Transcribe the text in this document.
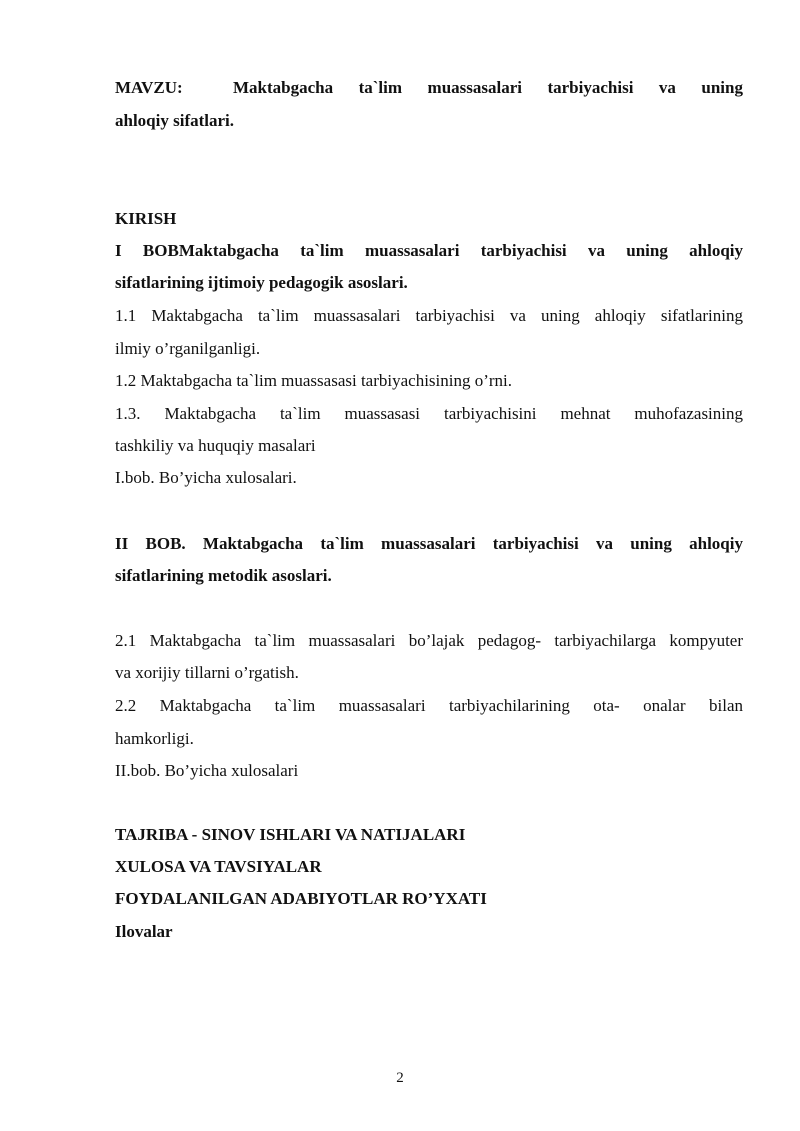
MAVZU:	Maktabgacha ta`lim muassasalari tarbiyachisi va uning
ahloqiy sifatlari.
KIRISH
I BOBMaktabgacha ta`lim muassasalari tarbiyachisi va uning ahloqiy
sifatlarining ijtimoiy pedagogik asoslari.
1.1 Maktabgacha ta`lim muassasalari tarbiyachisi va uning ahloqiy sifatlarining
ilmiy o’rganilganligi.
1.2 Maktabgacha ta`lim muassasasi tarbiyachisining o’rni.
1.3. Maktabgacha ta`lim muassasasi tarbiyachisini mehnat muhofazasining
tashkiliy va huquqiy masalari
I.bob. Bo’yicha xulosalari.
II BOB. Maktabgacha ta`lim muassasalari tarbiyachisi va uning ahloqiy
sifatlarining metodik asoslari.
2.1 Maktabgacha ta`lim muassasalari bo’lajak pedagog- tarbiyachilarga kompyuter
va xorijiy tillarni o’rgatish.
2.2 Maktabgacha ta`lim muassasalari tarbiyachilarining ota- onalar bilan
hamkorligi.
II.bob. Bo’yicha xulosalari
TAJRIBA - SINOV ISHLARI VA NATIJALARI
XULOSA VA TAVSIYALAR
FOYDALANILGAN ADABIYOTLAR RO’YXATI
Ilovalar
2
